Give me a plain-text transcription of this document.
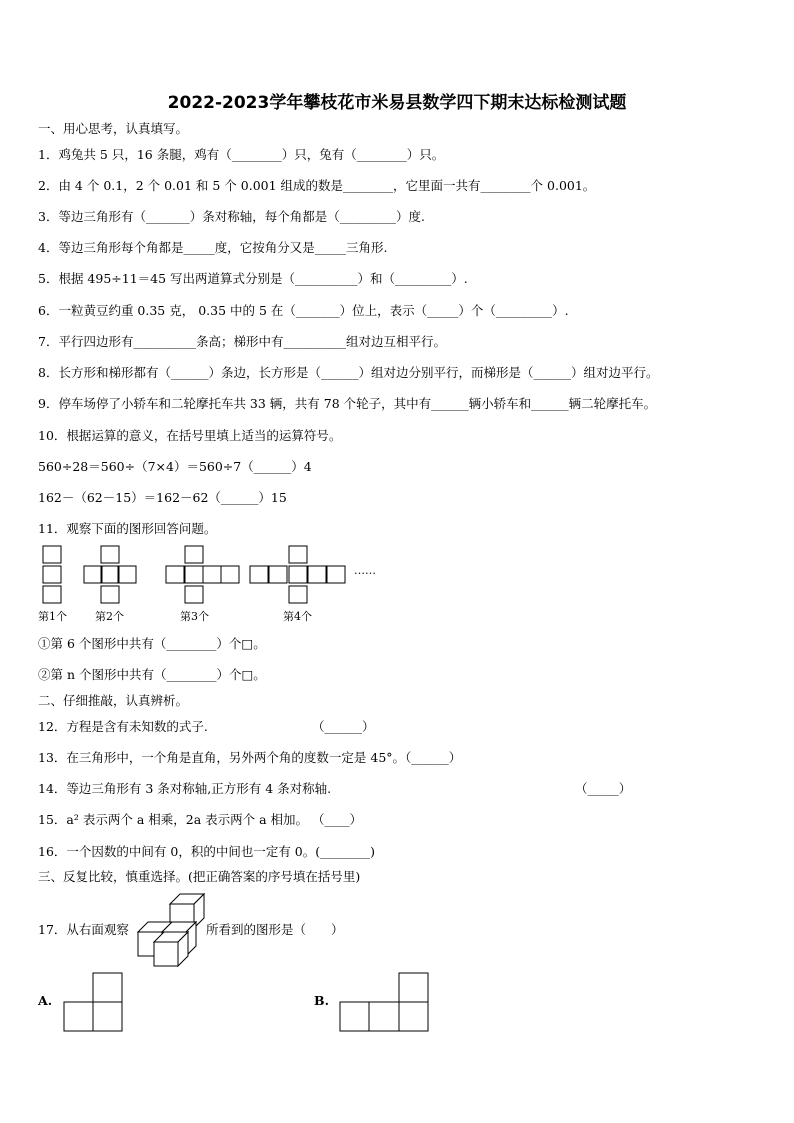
2022-2023学年攀枝花市米易县数学四下期末达标检测试题
一、用心思考，认真填写。
1．鸡兔共 5 只，16 条腿，鸡有（________）只，兔有（________）只。
2．由 4 个 0.1，2 个 0.01 和 5 个 0.001 组成的数是________，它里面一共有________个 0.001。
3．等边三角形有（_______）条对称轴，每个角都是（_________）度.
4．等边三角形每个角都是_____度，它按角分又是_____三角形.
5．根据 495÷11＝45 写出两道算式分别是（__________）和（_________）.
6．一粒黄豆约重 0.35 克， 0.35 中的 5 在（_______）位上，表示（_____）个（_________）.
7．平行四边形有__________条高；梯形中有__________组对边互相平行。
8．长方形和梯形都有（______）条边，长方形是（______）组对边分别平行，而梯形是（______）组对边平行。
9．停车场停了小轿车和二轮摩托车共 33 辆，共有 78 个轮子，其中有______辆小轿车和______辆二轮摩托车。
10．根据运算的意义，在括号里填上适当的运算符号。
560÷28＝560÷（7×4）＝560÷7（______）4
162－（62－15）＝162－62（______）15
11．观察下面的图形回答问题。
……
第1个	第2个	第3个	第4个
①第 6 个图形中共有（________）个□。
②第 n 个图形中共有（________）个□。
二、仔细推敲，认真辨析。
12．方程是含有未知数的式子.	（______）
13．在三角形中，一个角是直角，另外两个角的度数一定是 45°。（______）
14．等边三角形有 3 条对称轴,正方形有 4 条对称轴.	（_____）
15．a² 表示两个 a 相乘，2a 表示两个 a 相加。 （____）
16．一个因数的中间有 0，积的中间也一定有 0。(________)
三、反复比较，慎重选择。(把正确答案的序号填在括号里)
17．从右面观察	所看到的图形是（　　）
A.	B.
